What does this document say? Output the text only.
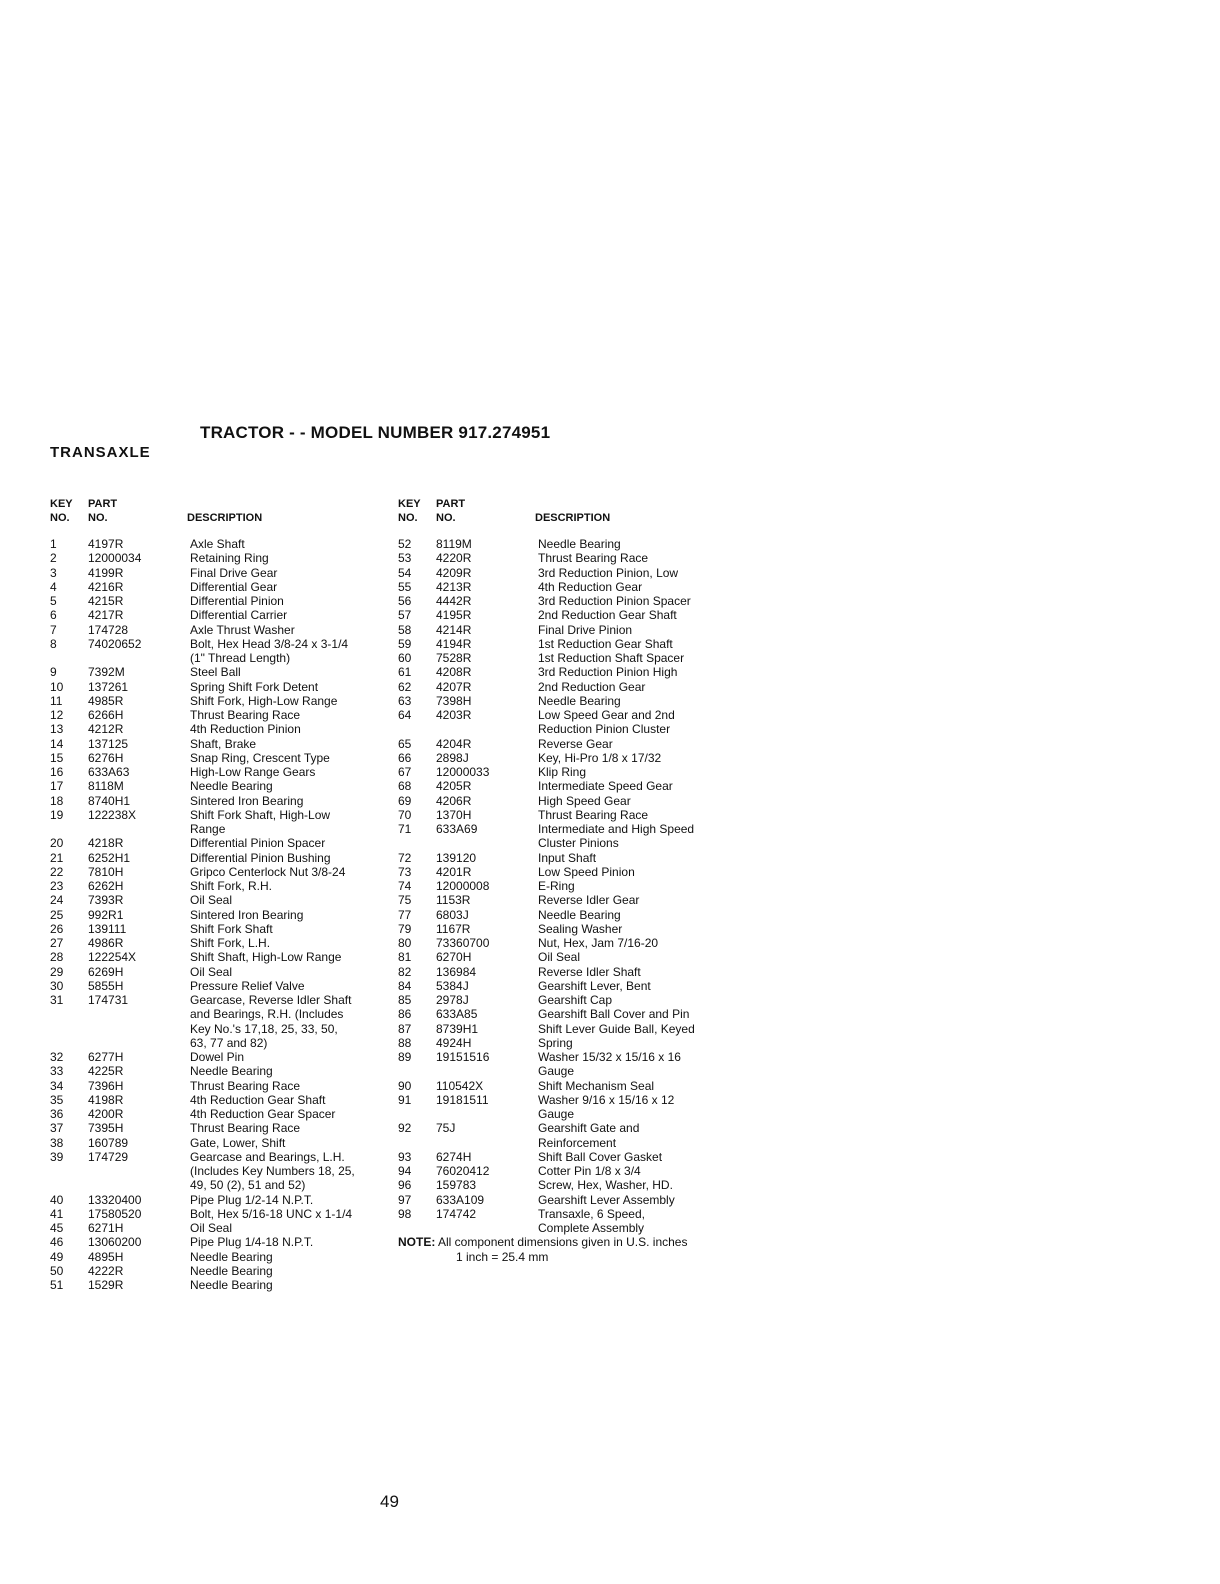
TRACTOR - - MODEL NUMBER 917.274951
TRANSAXLE
KEY
NO.
PART
NO.	DESCRIPTION
1	4197R	Axle Shaft
2	12000034	Retaining Ring
3	4199R	Final Drive Gear
4	4216R	Differential Gear
5	4215R	Differential Pinion
6	4217R	Differential Carrier
7	174728	Axle Thrust Washer
8	74020652	Bolt, Hex Head 3/8-24 x 3-1/4
(1" Thread Length)
9	7392M	Steel Ball
10	137261	Spring Shift Fork Detent
11	4985R	Shift Fork, High-Low Range
12	6266H	Thrust Bearing Race
13	4212R	4th Reduction Pinion
14	137125	Shaft, Brake
15	6276H	Snap Ring, Crescent Type
16	633A63	High-Low Range Gears
17	8118M	Needle Bearing
18	8740H1	Sintered Iron Bearing
19	122238X	Shift Fork Shaft, High-Low
Range
20	4218R	Differential Pinion Spacer
21	6252H1	Differential Pinion Bushing
22	7810H	Gripco Centerlock Nut 3/8-24
23	6262H	Shift Fork, R.H.
24	7393R	Oil Seal
25	992R1	Sintered Iron Bearing
26	139111	Shift Fork Shaft
27	4986R	Shift Fork, L.H.
28	122254X	Shift Shaft, High-Low Range
29	6269H	Oil Seal
30	5855H	Pressure Relief Valve
31	174731	Gearcase, Reverse Idler Shaft
and Bearings, R.H. (Includes
Key No.'s 17,18, 25, 33, 50,
63, 77 and 82)
32	6277H	Dowel Pin
33	4225R	Needle Bearing
34	7396H	Thrust Bearing Race
35	4198R	4th Reduction Gear Shaft
36	4200R	4th Reduction Gear Spacer
37	7395H	Thrust Bearing Race
38	160789	Gate, Lower, Shift
39	174729	Gearcase and Bearings, L.H.
(Includes Key Numbers 18, 25,
49, 50 (2), 51 and 52)
40	13320400	Pipe Plug 1/2-14 N.P.T.
41	17580520	Bolt, Hex 5/16-18 UNC x 1-1/4
45	6271H	Oil Seal
46	13060200	Pipe Plug 1/4-18 N.P.T.
49	4895H	Needle Bearing
50	4222R	Needle Bearing
51	1529R	Needle Bearing
KEY
NO.
PART
NO.	DESCRIPTION
52	8119M	Needle Bearing
53	4220R	Thrust Bearing Race
54	4209R	3rd Reduction Pinion, Low
55	4213R	4th Reduction Gear
56	4442R	3rd Reduction Pinion Spacer
57	4195R	2nd Reduction Gear Shaft
58	4214R	Final Drive Pinion
59	4194R	1st Reduction Gear Shaft
60	7528R	1st Reduction Shaft Spacer
61	4208R	3rd Reduction Pinion High
62	4207R	2nd Reduction Gear
63	7398H	Needle Bearing
64	4203R	Low Speed Gear and 2nd
Reduction Pinion Cluster
65	4204R	Reverse Gear
66	2898J	Key, Hi-Pro 1/8 x 17/32
67	12000033	Klip Ring
68	4205R	Intermediate Speed Gear
69	4206R	High Speed Gear
70	1370H	Thrust Bearing Race
71	633A69	Intermediate and High Speed
Cluster Pinions
72	139120	Input Shaft
73	4201R	Low Speed Pinion
74	12000008	E-Ring
75	1153R	Reverse Idler Gear
77	6803J	Needle Bearing
79	1167R	Sealing Washer
80	73360700	Nut, Hex, Jam 7/16-20
81	6270H	Oil Seal
82	136984	Reverse Idler Shaft
84	5384J	Gearshift Lever, Bent
85	2978J	Gearshift Cap
86	633A85	Gearshift Ball Cover and Pin
87	8739H1	Shift Lever Guide Ball, Keyed
88	4924H	Spring
89	19151516	Washer 15/32 x 15/16 x 16
Gauge
90	110542X	Shift Mechanism Seal
91	19181511	Washer 9/16 x 15/16 x 12
Gauge
92	75J	Gearshift Gate and
Reinforcement
93	6274H	Shift Ball Cover Gasket
94	76020412	Cotter Pin 1/8 x 3/4
96	159783	Screw, Hex, Washer, HD.
97	633A109	Gearshift Lever Assembly
98	174742	Transaxle, 6 Speed,
Complete Assembly
NOTE: All component dimensions given in U.S. inches
1 inch = 25.4 mm
49
